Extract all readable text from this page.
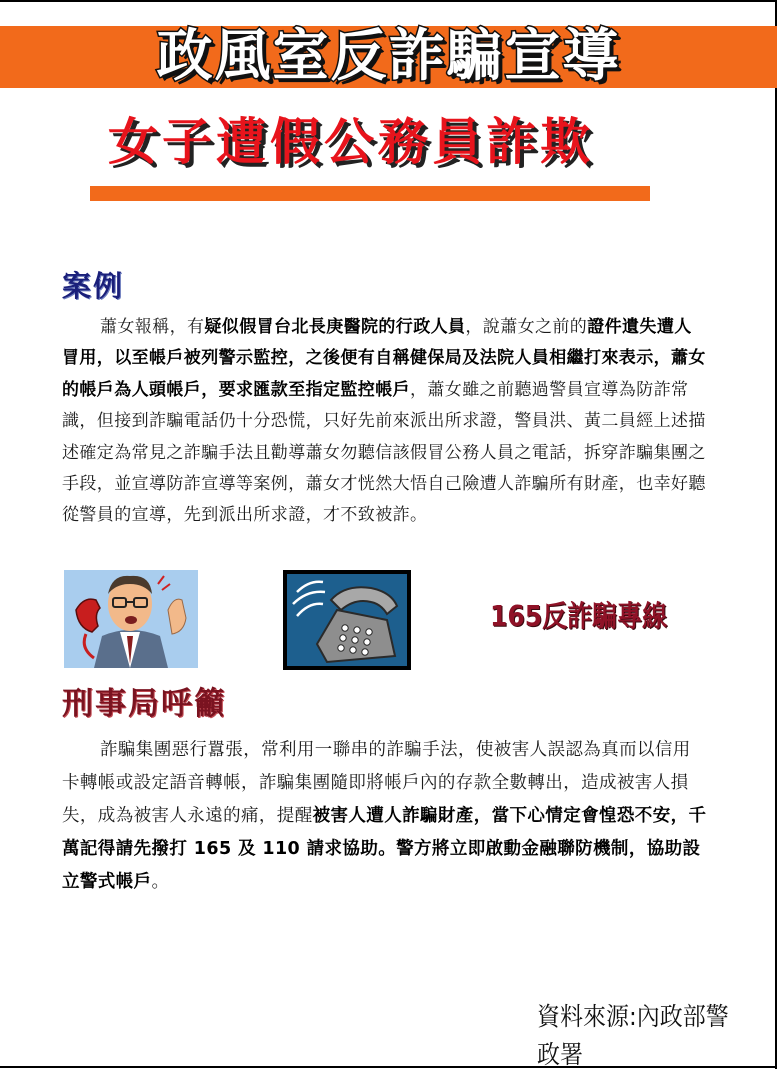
政風室反詐騙宣導
女子遭假公務員詐欺
案例

蕭女報稱，有疑似假冒台北長庚醫院的行政人員，說蕭女之前的證件遺失遭人冒用，以至帳戶被列警示監控，之後便有自稱健保局及法院人員相繼打來表示，蕭女的帳戶為人頭帳戶，要求匯款至指定監控帳戶，蕭女雖之前聽過警員宣導為防詐常識，但接到詐騙電話仍十分恐慌，只好先前來派出所求證，警員洪、黃二員經上述描述確定為常見之詐騙手法且勸導蕭女勿聽信該假冒公務人員之電話，拆穿詐騙集團之手段，並宣導防詐宣導等案例，蕭女才恍然大悟自己險遭人詐騙所有財產，也幸好聽從警員的宣導，先到派出所求證，才不致被詐。

165反詐騙專線
刑事局呼籲

詐騙集團惡行囂張，常利用一聯串的詐騙手法，使被害人誤認為真而以信用卡轉帳或設定語音轉帳，詐騙集團隨即將帳戶內的存款全數轉出，造成被害人損失，成為被害人永遠的痛，提醒被害人遭人詐騙財產，當下心情定會惶恐不安，千萬記得請先撥打 165 及 110 請求協助。警方將立即啟動金融聯防機制，協助設立警式帳戶。

資料來源:內政部警政署
